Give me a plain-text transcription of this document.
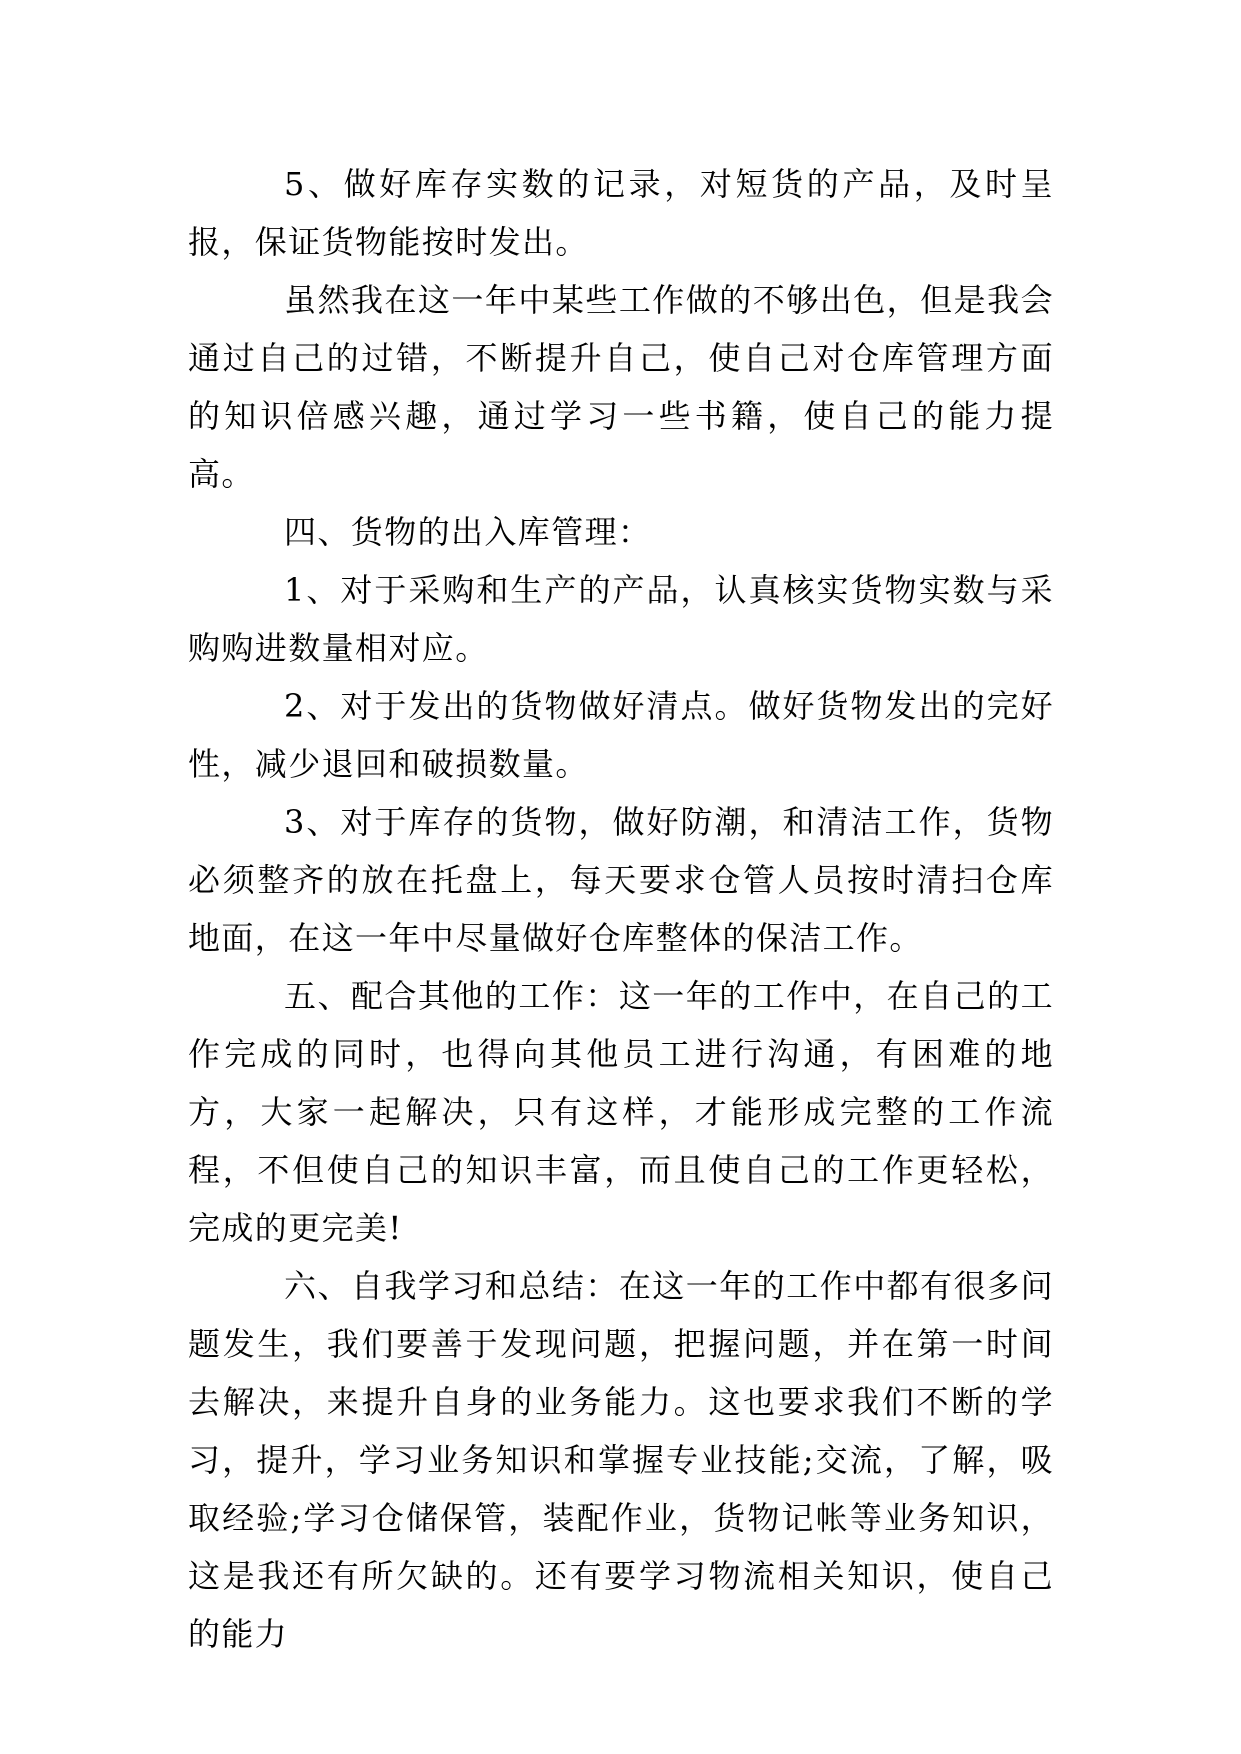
5、做好库存实数的记录，对短货的产品，及时呈报，保证货物能按时发出。

虽然我在这一年中某些工作做的不够出色，但是我会通过自己的过错，不断提升自己，使自己对仓库管理方面的知识倍感兴趣，通过学习一些书籍，使自己的能力提高。

四、货物的出入库管理：

1、对于采购和生产的产品，认真核实货物实数与采购购进数量相对应。

2、对于发出的货物做好清点。做好货物发出的完好性，减少退回和破损数量。

3、对于库存的货物，做好防潮，和清洁工作，货物必须整齐的放在托盘上，每天要求仓管人员按时清扫仓库地面，在这一年中尽量做好仓库整体的保洁工作。

五、配合其他的工作：这一年的工作中，在自己的工作完成的同时，也得向其他员工进行沟通，有困难的地方，大家一起解决，只有这样，才能形成完整的工作流程，不但使自己的知识丰富，而且使自己的工作更轻松，完成的更完美!

六、自我学习和总结：在这一年的工作中都有很多问题发生，我们要善于发现问题，把握问题，并在第一时间去解决，来提升自身的业务能力。这也要求我们不断的学习，提升，学习业务知识和掌握专业技能;交流，了解，吸取经验;学习仓储保管，装配作业，货物记帐等业务知识，这是我还有所欠缺的。还有要学习物流相关知识，使自己的能力
